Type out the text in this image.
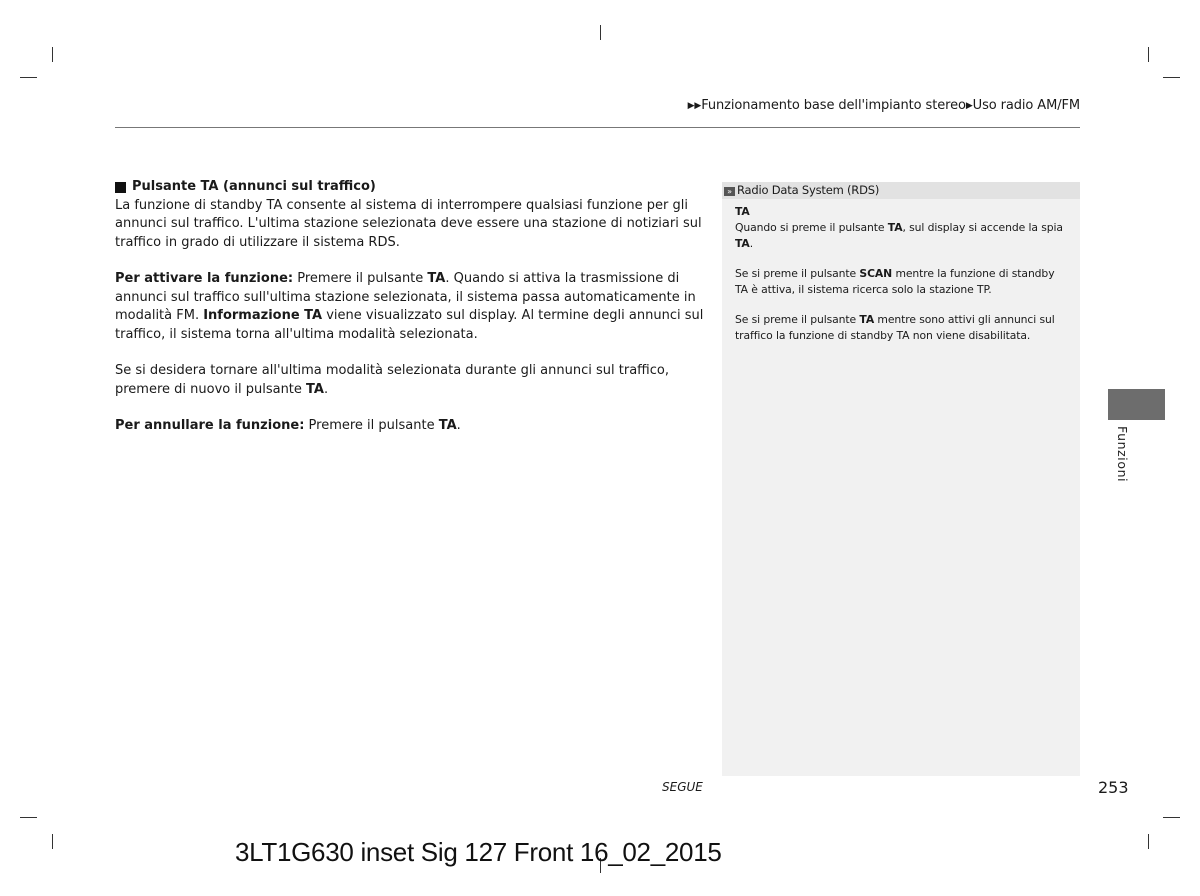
▶▶Funzionamento base dell'impianto stereo▶Uso radio AM/FM
Pulsante TA (annunci sul traffico)

La funzione di standby TA consente al sistema di interrompere qualsiasi funzione per gli annunci sul traffico. L'ultima stazione selezionata deve essere una stazione di notiziari sul traffico in grado di utilizzare il sistema RDS.

Per attivare la funzione: Premere il pulsante TA. Quando si attiva la trasmissione di annunci sul traffico sull'ultima stazione selezionata, il sistema passa automaticamente in modalità FM. Informazione TA viene visualizzato sul display. Al termine degli annunci sul traffico, il sistema torna all'ultima modalità selezionata.

Se si desidera tornare all'ultima modalità selezionata durante gli annunci sul traffico, premere di nuovo il pulsante TA.

Per annullare la funzione: Premere il pulsante TA.

» Radio Data System (RDS)

TA

Quando si preme il pulsante TA, sul display si accende la spia TA.

Se si preme il pulsante SCAN mentre la funzione di standby TA è attiva, il sistema ricerca solo la stazione TP.

Se si preme il pulsante TA mentre sono attivi gli annunci sul traffico la funzione di standby TA non viene disabilitata.

Funzioni
SEGUE	253
3LT1G630 inset Sig 127 Front 16_02_2015
